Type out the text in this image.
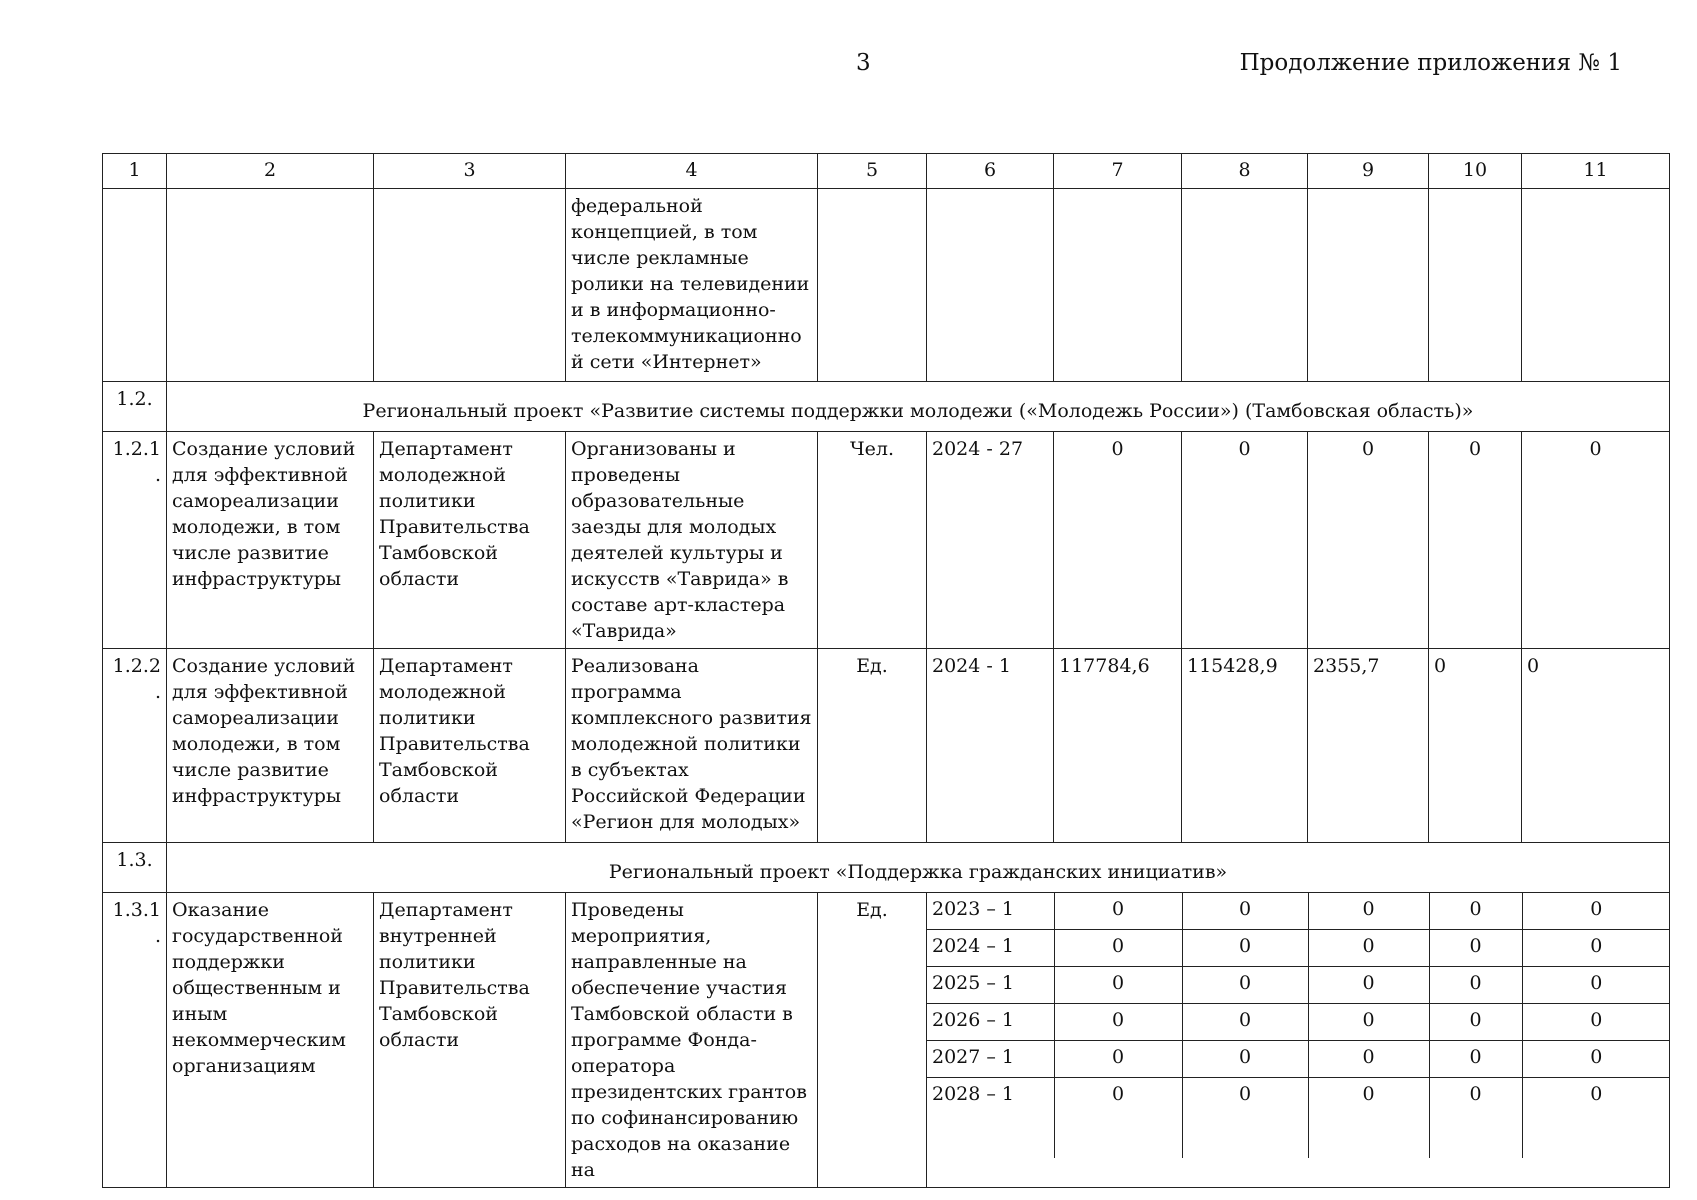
3	Продолжение приложения № 1
1	2	3	4	5	6	7	8	9	10	11
			федеральной концепцией, в том числе рекламные ролики на телевидении и в информационно-телекоммуникационной сети «Интернет»							
1.2.	Региональный проект «Развитие системы поддержки молодежи («Молодежь России») (Тамбовская область)»
1.2.1.	Создание условий для эффективной самореализации молодежи, в том числе развитие инфраструктуры	Департамент молодежной политики Правительства Тамбовской области	Организованы и проведены образовательные заезды для молодых деятелей культуры и искусств «Таврида» в составе арт-кластера «Таврида»	Чел.	2024 - 27	0	0	0	0	0
1.2.2.	Создание условий для эффективной самореализации молодежи, в том числе развитие инфраструктуры	Департамент молодежной политики Правительства Тамбовской области	Реализована программа комплексного развития молодежной политики в субъектах Российской Федерации «Регион для молодых»	Ед.	2024 - 1	117784,6	115428,9	2355,7	0	0
1.3.	Региональный проект «Поддержка гражданских инициатив»
1.3.1.	Оказание государственной поддержки общественным и иным некоммерческим организациям	Департамент внутренней политики Правительства Тамбовской области	Проведены мероприятия, направленные на обеспечение участия Тамбовской области в программе Фонда-оператора президентских грантов по софинансированию расходов на оказание на	Ед.	2023 – 1	0	0	0	0	0
2024 – 1	0	0	0	0	0
2025 – 1	0	0	0	0	0
2026 – 1	0	0	0	0	0
2027 – 1	0	0	0	0	0
2028 – 1	0	0	0	0	0
